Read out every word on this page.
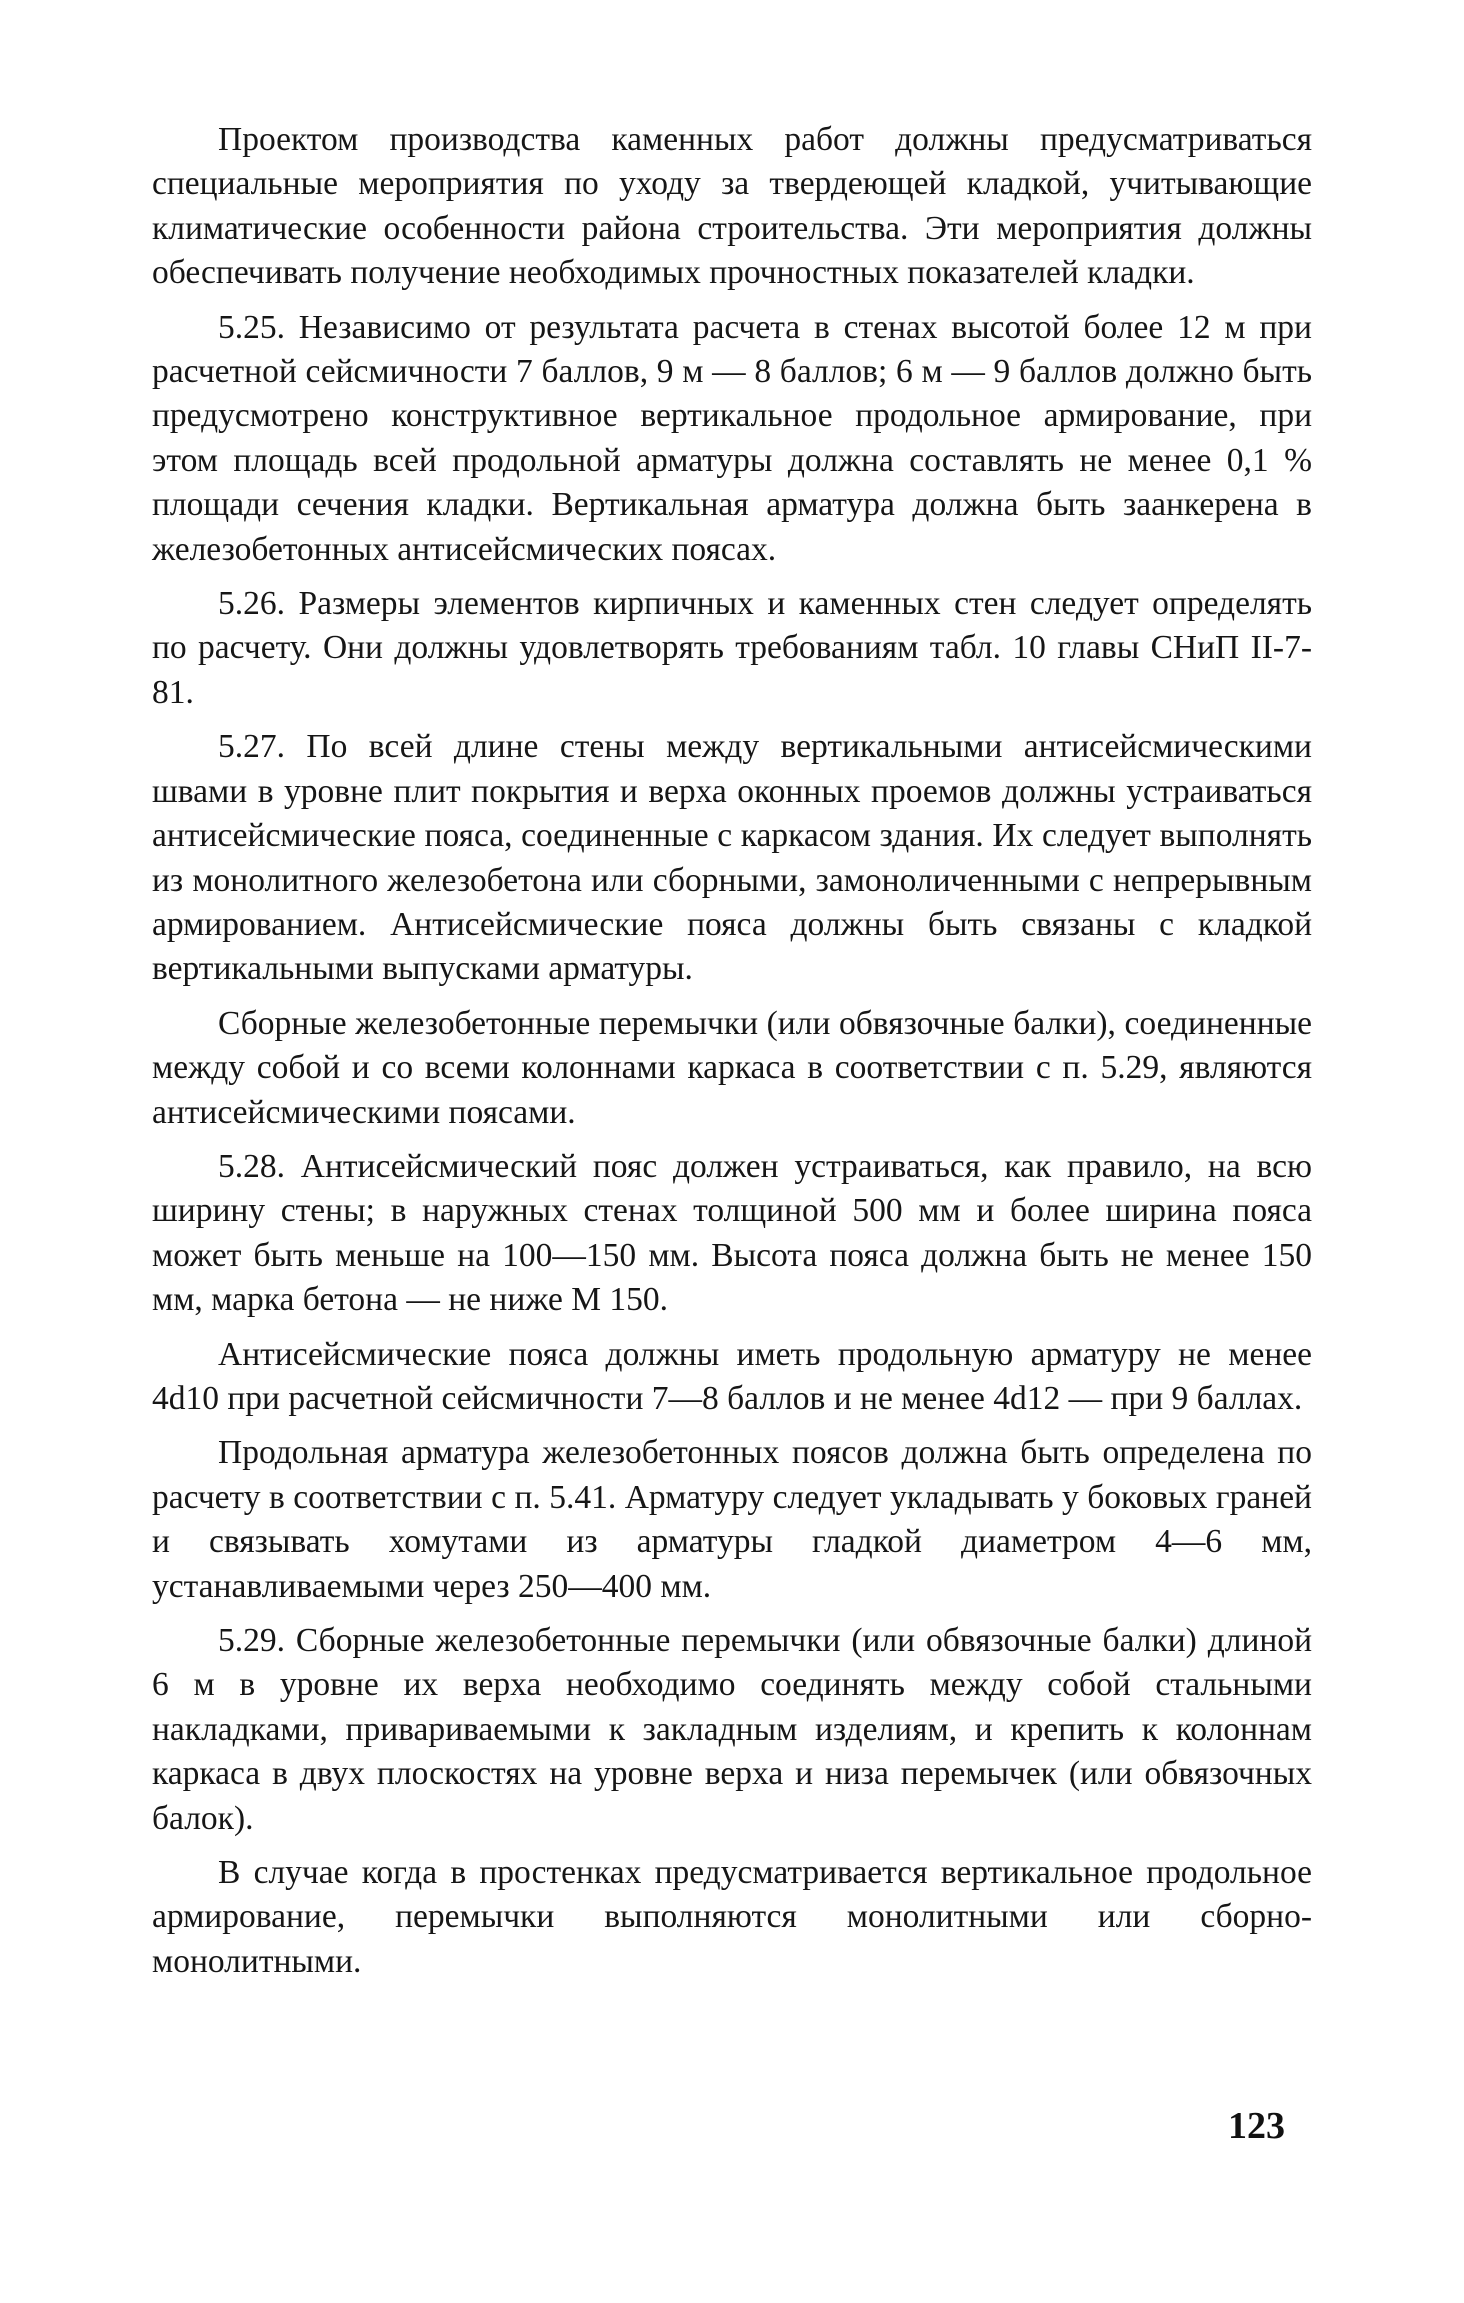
Проектом производства каменных работ должны предусматриваться специальные мероприятия по уходу за твердеющей кладкой, учитывающие климатические особенности района строительства. Эти мероприятия должны обеспечивать получение необходимых прочностных показателей кладки.

5.25. Независимо от результата расчета в стенах высотой более 12 м при расчетной сейсмичности 7 баллов, 9 м — 8 баллов; 6 м — 9 баллов должно быть предусмотрено конструктивное вертикальное продольное армирование, при этом площадь всей продольной арматуры должна составлять не менее 0,1 % площади сечения кладки. Вертикальная арматура должна быть заанкерена в железобетонных антисейсмических поясах.

5.26. Размеры элементов кирпичных и каменных стен следует определять по расчету. Они должны удовлетворять требованиям табл. 10 главы СНиП II-7-81.

5.27. По всей длине стены между вертикальными антисейсмическими швами в уровне плит покрытия и верха оконных проемов должны устраиваться антисейсмические пояса, соединенные с каркасом здания. Их следует выполнять из монолитного железобетона или сборными, замоноличенными с непрерывным армированием. Антисейсмические пояса должны быть связаны с кладкой вертикальными выпусками арматуры.

Сборные железобетонные перемычки (или обвязочные балки), соединенные между собой и со всеми колоннами каркаса в соответствии с п. 5.29, являются антисейсмическими поясами.

5.28. Антисейсмический пояс должен устраиваться, как правило, на всю ширину стены; в наружных стенах толщиной 500 мм и более ширина пояса может быть меньше на 100—150 мм. Высота пояса должна быть не менее 150 мм, марка бетона — не ниже М 150.

Антисейсмические пояса должны иметь продольную арматуру не менее 4d10 при расчетной сейсмичности 7—8 баллов и не менее 4d12 — при 9 баллах.

Продольная арматура железобетонных поясов должна быть определена по расчету в соответствии с п. 5.41. Арматуру следует укладывать у боковых граней и связывать хомутами из арматуры гладкой диаметром 4—6 мм, устанавливаемыми через 250—400 мм.

5.29. Сборные железобетонные перемычки (или обвязочные балки) длиной 6 м в уровне их верха необходимо соединять между собой стальными накладками, привариваемыми к закладным изделиям, и крепить к колоннам каркаса в двух плоскостях на уровне верха и низа перемычек (или обвязочных балок).

В случае когда в простенках предусматривается вертикальное продольное армирование, перемычки выполняются монолитными или сборно-монолитными.

123
